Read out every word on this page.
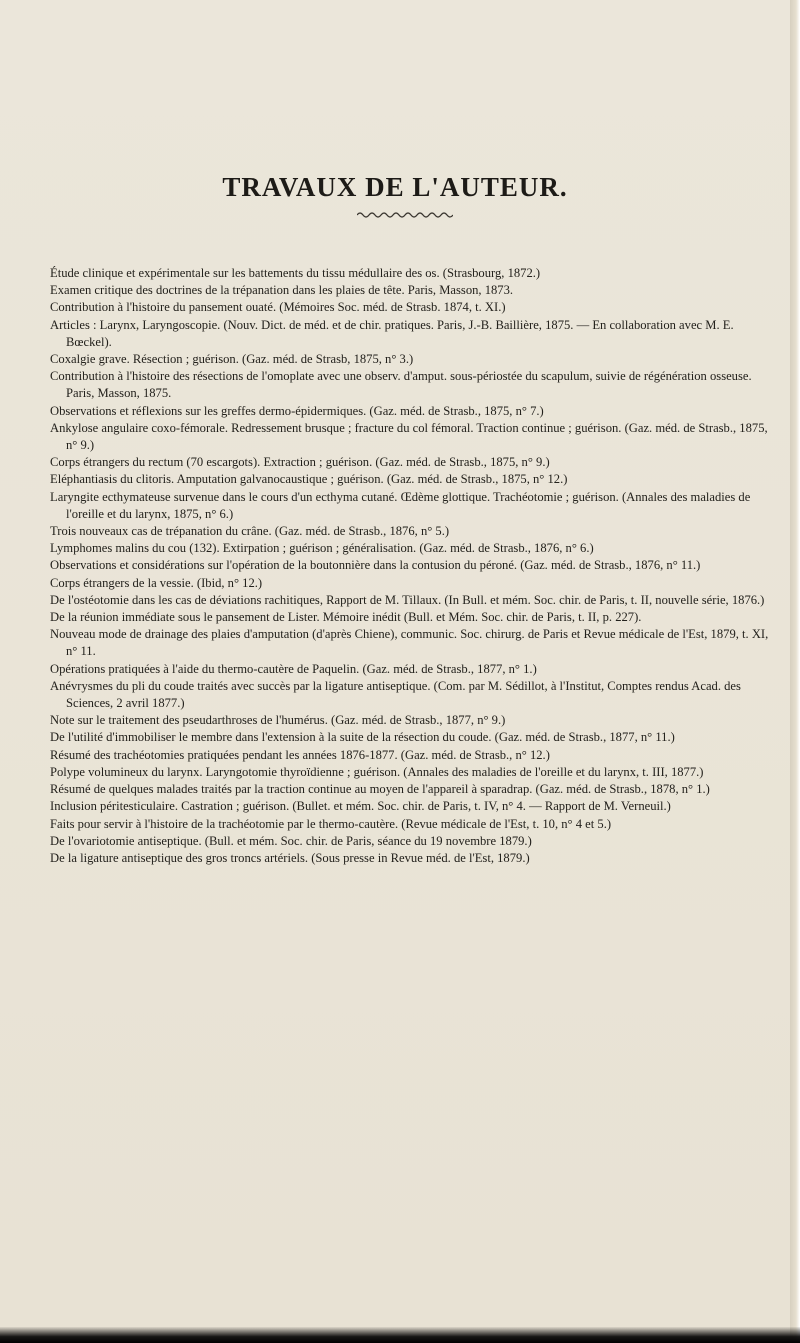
TRAVAUX DE L'AUTEUR.
Étude clinique et expérimentale sur les battements du tissu médullaire des os. (Strasbourg, 1872.)
Examen critique des doctrines de la trépanation dans les plaies de tête. Paris, Masson, 1873.
Contribution à l'histoire du pansement ouaté. (Mémoires Soc. méd. de Strasb. 1874, t. XI.)
Articles : Larynx, Laryngoscopie. (Nouv. Dict. de méd. et de chir. pratiques. Paris, J.-B. Baillière, 1875. — En collaboration avec M. E. Bœckel).
Coxalgie grave. Résection ; guérison. (Gaz. méd. de Strasb, 1875, n° 3.)
Contribution à l'histoire des résections de l'omoplate avec une observ. d'amput. sous-périostée du scapulum, suivie de régénération osseuse. Paris, Masson, 1875.
Observations et réflexions sur les greffes dermo-épidermiques. (Gaz. méd. de Strasb., 1875, n° 7.)
Ankylose angulaire coxo-fémorale. Redressement brusque ; fracture du col fémoral. Traction continue ; guérison. (Gaz. méd. de Strasb., 1875, n° 9.)
Corps étrangers du rectum (70 escargots). Extraction ; guérison. (Gaz. méd. de Strasb., 1875, n° 9.)
Eléphantiasis du clitoris. Amputation galvanocaustique ; guérison. (Gaz. méd. de Strasb., 1875, n° 12.)
Laryngite ecthymateuse survenue dans le cours d'un ecthyma cutané. Œdème glottique. Trachéotomie ; guérison. (Annales des maladies de l'oreille et du larynx, 1875, n° 6.)
Trois nouveaux cas de trépanation du crâne. (Gaz. méd. de Strasb., 1876, n° 5.)
Lymphomes malins du cou (132). Extirpation ; guérison ; généralisation. (Gaz. méd. de Strasb., 1876, n° 6.)
Observations et considérations sur l'opération de la boutonnière dans la contusion du péroné. (Gaz. méd. de Strasb., 1876, n° 11.)
Corps étrangers de la vessie. (Ibid, n° 12.)
De l'ostéotomie dans les cas de déviations rachitiques, Rapport de M. Tillaux. (In Bull. et mém. Soc. chir. de Paris, t. II, nouvelle série, 1876.)
De la réunion immédiate sous le pansement de Lister. Mémoire inédit (Bull. et Mém. Soc. chir. de Paris, t. II, p. 227).
Nouveau mode de drainage des plaies d'amputation (d'après Chiene), communic. Soc. chirurg. de Paris et Revue médicale de l'Est, 1879, t. XI, n° 11.
Opérations pratiquées à l'aide du thermo-cautère de Paquelin. (Gaz. méd. de Strasb., 1877, n° 1.)
Anévrysmes du pli du coude traités avec succès par la ligature antiseptique. (Com. par M. Sédillot, à l'Institut, Comptes rendus Acad. des Sciences, 2 avril 1877.)
Note sur le traitement des pseudarthroses de l'humérus. (Gaz. méd. de Strasb., 1877, n° 9.)
De l'utilité d'immobiliser le membre dans l'extension à la suite de la résection du coude. (Gaz. méd. de Strasb., 1877, n° 11.)
Résumé des trachéotomies pratiquées pendant les années 1876-1877. (Gaz. méd. de Strasb., n° 12.)
Polype volumineux du larynx. Laryngotomie thyroïdienne ; guérison. (Annales des maladies de l'oreille et du larynx, t. III, 1877.)
Résumé de quelques malades traités par la traction continue au moyen de l'appareil à sparadrap. (Gaz. méd. de Strasb., 1878, n° 1.)
Inclusion péritesticulaire. Castration ; guérison. (Bullet. et mém. Soc. chir. de Paris, t. IV, n° 4. — Rapport de M. Verneuil.)
Faits pour servir à l'histoire de la trachéotomie par le thermo-cautère. (Revue médicale de l'Est, t. 10, n° 4 et 5.)
De l'ovariotomie antiseptique. (Bull. et mém. Soc. chir. de Paris, séance du 19 novembre 1879.)
De la ligature antiseptique des gros troncs artériels. (Sous presse in Revue méd. de l'Est, 1879.)
